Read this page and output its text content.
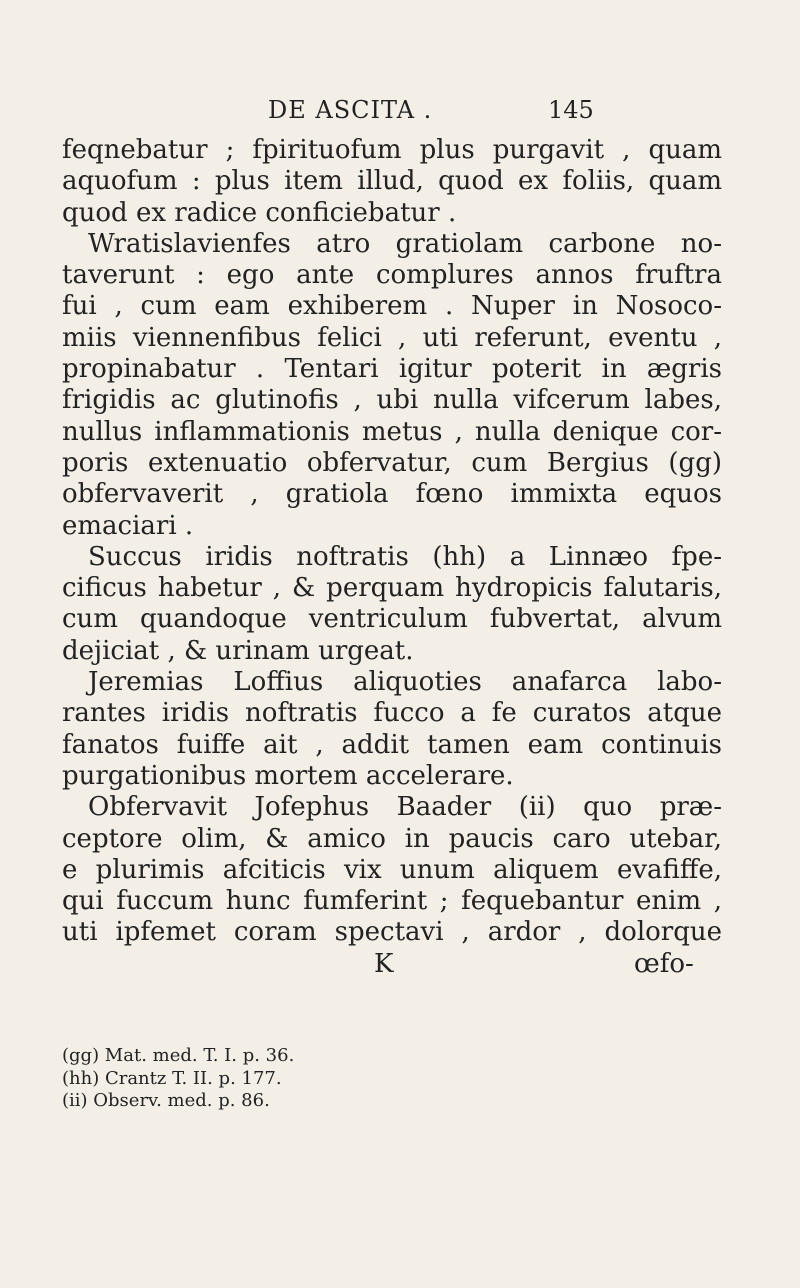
DE ASCITA .	145
feqnebatur ; fpirituofum plus purgavit , quam
aquofum : plus item illud, quod ex foliis, quam
quod ex radice conficiebatur .
Wratislavienfes atro gratiolam carbone no-
taverunt : ego ante complures annos fruftra
fui , cum eam exhiberem . Nuper in Nosoco-
miis viennenfibus felici , uti referunt, eventu ,
propinabatur . Tentari igitur poterit in ægris
frigidis ac glutinofis , ubi nulla vifcerum labes,
nullus inflammationis metus , nulla denique cor-
poris extenuatio obfervatur, cum Bergius (gg)
obfervaverit , gratiola fœno immixta equos
emaciari .
Succus iridis noftratis (hh) a Linnæo fpe-
cificus habetur , & perquam hydropicis falutaris,
cum quandoque ventriculum fubvertat, alvum
dejiciat , & urinam urgeat.
Jeremias Loffius aliquoties anafarca labo-
rantes iridis noftratis fucco a fe curatos atque
fanatos fuiffe ait , addit tamen eam continuis
purgationibus mortem accelerare.
Obfervavit Jofephus Baader (ii) quo præ-
ceptore olim, & amico in paucis caro utebar,
e plurimis afciticis vix unum aliquem evafiffe,
qui fuccum hunc fumferint ; fequebantur enim ,
uti ipfemet coram spectavi , ardor , dolorque
K	œfo-
(gg) Mat. med. T. I. p. 36.
(hh) Crantz T. II. p. 177.
(ii) Observ. med. p. 86.
